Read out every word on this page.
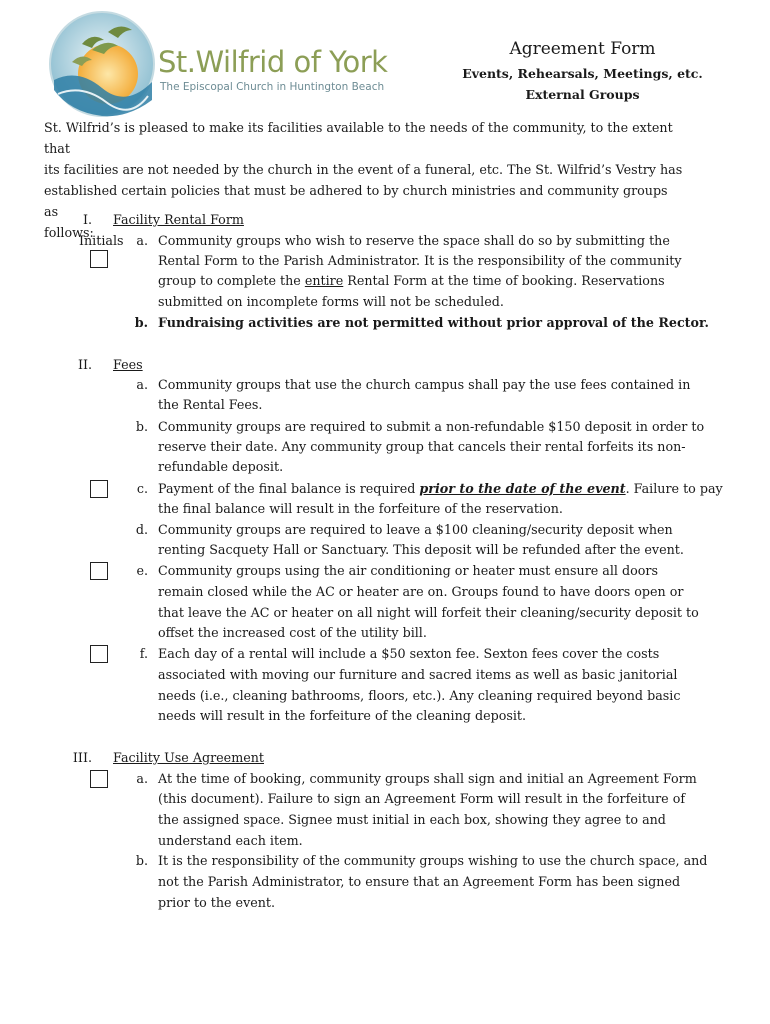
St.Wilfrid of York
The Episcopal Church in Huntington Beach
Agreement Form
Events, Rehearsals, Meetings, etc.
External Groups
St. Wilfrid’s is pleased to make its facilities available to the needs of the community, to the extent that
its facilities are not needed by the church in the event of a funeral, etc. The St. Wilfrid’s Vestry has
established certain policies that must be adhered to by church ministries and community groups as
follows:
I. Facility Rental Form
Initials	a. Community groups who wish to reserve the space shall do so by submitting the
Rental Form to the Parish Administrator. It is the responsibility of the community
group to complete the entire Rental Form at the time of booking. Reservations
submitted on incomplete forms will not be scheduled.
b. Fundraising activities are not permitted without prior approval of the Rector.
II. Fees
a. Community groups that use the church campus shall pay the use fees contained in
the Rental Fees.
b. Community groups are required to submit a non-refundable $150 deposit in order to
reserve their date. Any community group that cancels their rental forfeits its non-
refundable deposit.
c. Payment of the final balance is required prior to the date of the event. Failure to pay
the final balance will result in the forfeiture of the reservation.
d. Community groups are required to leave a $100 cleaning/security deposit when
renting Sacquety Hall or Sanctuary. This deposit will be refunded after the event.
e. Community groups using the air conditioning or heater must ensure all doors
remain closed while the AC or heater are on. Groups found to have doors open or
that leave the AC or heater on all night will forfeit their cleaning/security deposit to
offset the increased cost of the utility bill.
f. Each day of a rental will include a $50 sexton fee. Sexton fees cover the costs
associated with moving our furniture and sacred items as well as basic janitorial
needs (i.e., cleaning bathrooms, floors, etc.). Any cleaning required beyond basic
needs will result in the forfeiture of the cleaning deposit.
III. Facility Use Agreement
a. At the time of booking, community groups shall sign and initial an Agreement Form
(this document). Failure to sign an Agreement Form will result in the forfeiture of
the assigned space. Signee must initial in each box, showing they agree to and
understand each item.
b. It is the responsibility of the community groups wishing to use the church space, and
not the Parish Administrator, to ensure that an Agreement Form has been signed
prior to the event.
